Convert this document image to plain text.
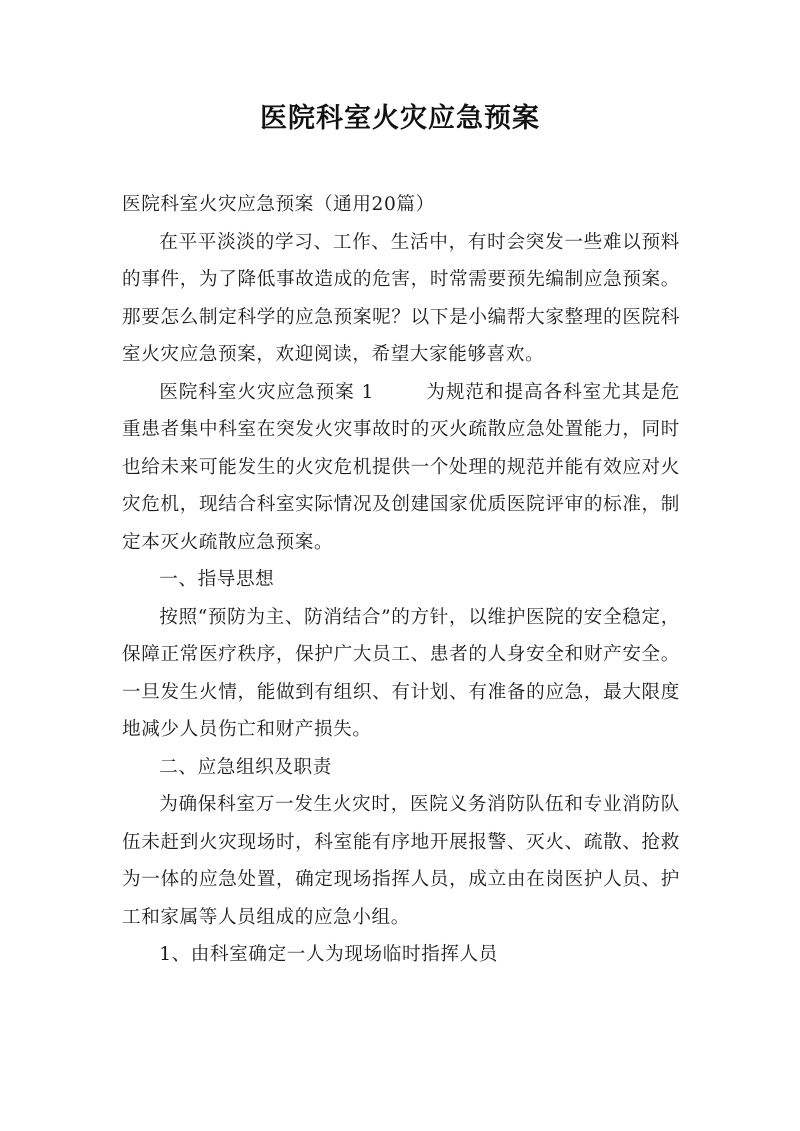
医院科室火灾应急预案

医院科室火灾应急预案（通用20篇）

在平平淡淡的学习、工作、生活中，有时会突发一些难以预料的事件，为了降低事故造成的危害，时常需要预先编制应急预案。那要怎么制定科学的应急预案呢？以下是小编帮大家整理的医院科室火灾应急预案，欢迎阅读，希望大家能够喜欢。

医院科室火灾应急预案 1	为规范和提高各科室尤其是危重患者集中科室在突发火灾事故时的灭火疏散应急处置能力，同时也给未来可能发生的火灾危机提供一个处理的规范并能有效应对火灾危机，现结合科室实际情况及创建国家优质医院评审的标准，制定本灭火疏散应急预案。

一、指导思想

按照“预防为主、防消结合”的方针，以维护医院的安全稳定，保障正常医疗秩序，保护广大员工、患者的人身安全和财产安全。一旦发生火情，能做到有组织、有计划、有准备的应急，最大限度地减少人员伤亡和财产损失。

二、应急组织及职责

为确保科室万一发生火灾时，医院义务消防队伍和专业消防队伍未赶到火灾现场时，科室能有序地开展报警、灭火、疏散、抢救为一体的应急处置，确定现场指挥人员，成立由在岗医护人员、护工和家属等人员组成的应急小组。

1、由科室确定一人为现场临时指挥人员
